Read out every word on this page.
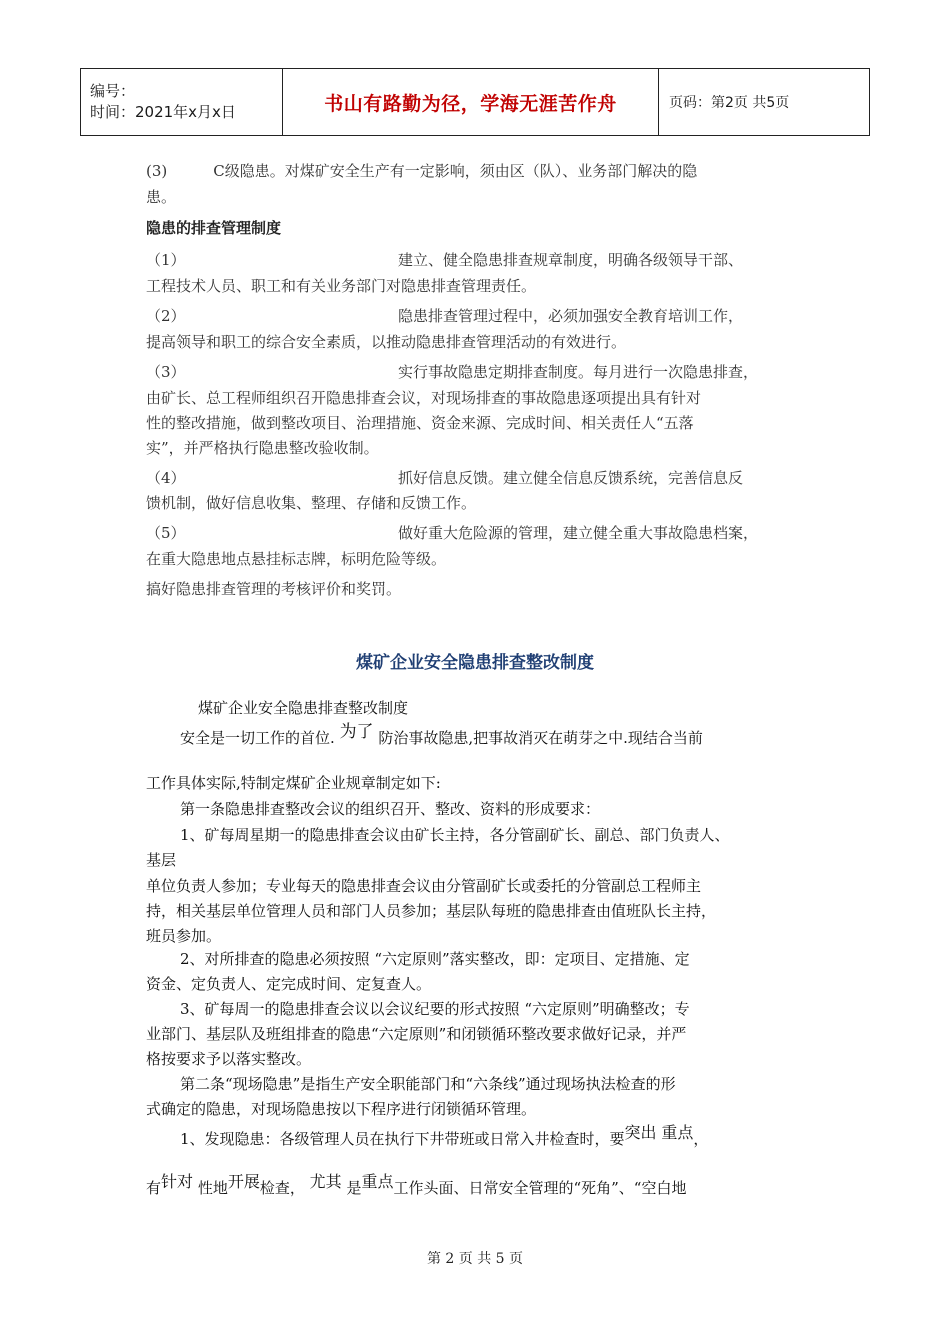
编号：
时间：2021年x月x日	书山有路勤为径，学海无涯苦作舟	页码：第2页 共5页
(3)	C级隐患。对煤矿安全生产有一定影响，须由区（队）、业务部门解决的隐
患。
隐患的排查管理制度
（1）	建立、健全隐患排查规章制度，明确各级领导干部、
工程技术人员、职工和有关业务部门对隐患排查管理责任。
（2）	隐患排查管理过程中，必须加强安全教育培训工作，
提高领导和职工的综合安全素质，以推动隐患排查管理活动的有效进行。
（3）	实行事故隐患定期排查制度。每月进行一次隐患排查，
由矿长、总工程师组织召开隐患排查会议，对现场排查的事故隐患逐项提出具有针对
性的整改措施，做到整改项目、治理措施、资金来源、完成时间、相关责任人“五落
实”，并严格执行隐患整改验收制。
（4）	抓好信息反馈。建立健全信息反馈系统，完善信息反
馈机制，做好信息收集、整理、存储和反馈工作。
（5）	做好重大危险源的管理，建立健全重大事故隐患档案，
在重大隐患地点悬挂标志牌，标明危险等级。
搞好隐患排查管理的考核评价和奖罚。
煤矿企业安全隐患排查整改制度
煤矿企业安全隐患排查整改制度
安全是一切工作的首位. 为了 防治事故隐患,把事故消灭在萌芽之中.现结合当前
工作具体实际,特制定煤矿企业规章制定如下:
第一条隐患排查整改会议的组织召开、整改、资料的形成要求：
1、矿每周星期一的隐患排查会议由矿长主持，各分管副矿长、副总、部门负责人、
基层
单位负责人参加；专业每天的隐患排查会议由分管副矿长或委托的分管副总工程师主
持，相关基层单位管理人员和部门人员参加；基层队每班的隐患排查由值班队长主持，
班员参加。
2、对所排查的隐患必须按照 “六定原则”落实整改，即：定项目、定措施、定
资金、定负责人、定完成时间、定复查人。
3、矿每周一的隐患排查会议以会议纪要的形式按照 “六定原则”明确整改；专
业部门、基层队及班组排查的隐患“六定原则”和闭锁循环整改要求做好记录，并严
格按要求予以落实整改。
第二条“现场隐患”是指生产安全职能部门和“六条线”通过现场执法检查的形
式确定的隐患，对现场隐患按以下程序进行闭锁循环管理。
1、发现隐患：各级管理人员在执行下井带班或日常入井检查时，要突出 重点，
有针对 性地开展检查， 尤其 是重点工作头面、日常安全管理的“死角”、“空白地
第 2 页 共 5 页
